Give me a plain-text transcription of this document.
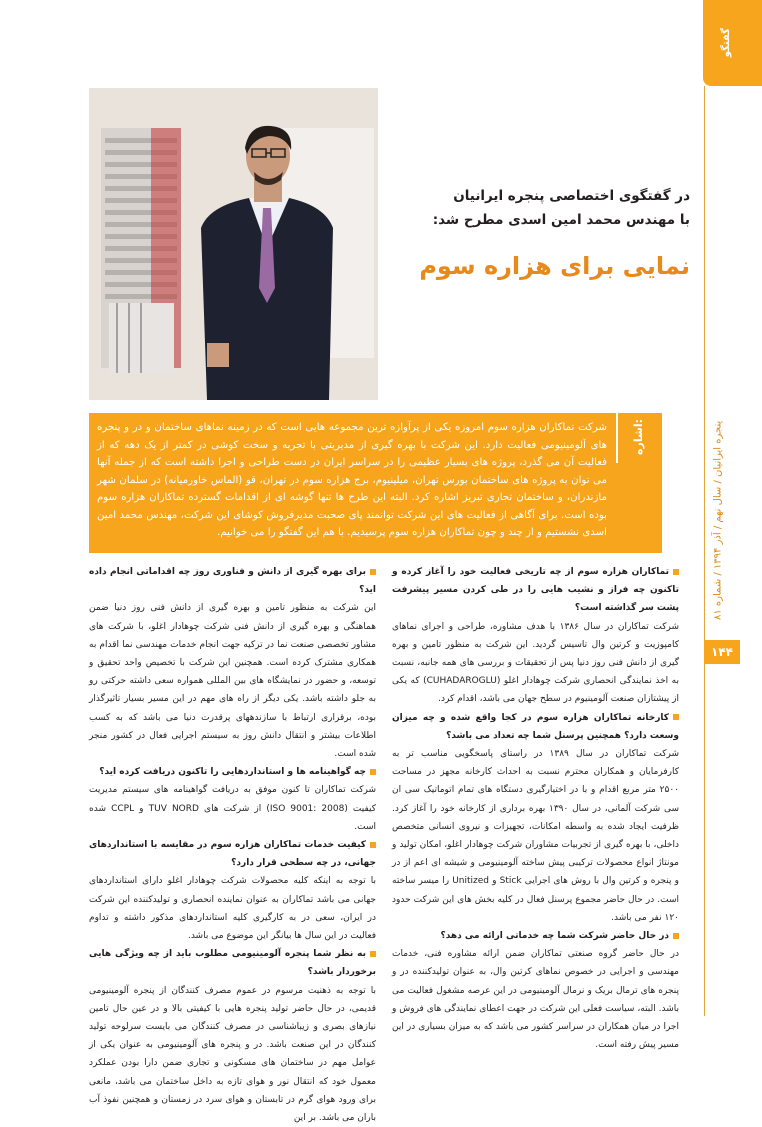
گفتگو
پنجره ایرانیان / سال نهم / آذر ۱۳۹۴ / شماره ۸۱
۱۴۴
در گفتگوی اختصاصی پنجره ایرانیان
با مهندس محمد امین اسدی مطرح شد:
نمایی برای هزاره سوم
شرکت تماکاران هزاره سوم امروزه یکی از پرآوازه ترین مجموعه هایی است که در زمینه نماهای ساختمان و در و پنجره های آلومینیومی فعالیت دارد. این شرکت با بهره گیری از مدیریتی با تجربه و سخت کوشی در کمتر از یک دهه که از فعالیت آن می گذرد، پروژه های بسیار عظیمی را در سراسر ایران در دست طراحی و اجرا داشته است که از جمله آنها می توان به پروژه های ساختمان بورس تهران، میلینیوم، برج هزاره سوم در تهران، قو (الماس خاورمیانه) در سلمان شهر مازندران، و ساختمان تجاری تبریز اشاره کرد. البته این طرح ها تنها گوشه ای از اقدامات گسترده تماکاران هزاره سوم بوده است. برای آگاهی از فعالیت های این شرکت توانمند پای صحبت مدیرفروش کوشای این شرکت، مهندس محمد امین اسدی نشستیم و از چند و چون تماکاران هزاره سوم پرسیدیم. با هم این گفتگو را می خوانیم.
اشاره:

تماکاران هزاره سوم از چه تاریخی فعالیت خود را آغاز کرده و تاکنون چه فراز و نشیب هایی را در طی کردن مسیر پیشرفت پشت سر گذاشته است؟

شرکت تماکاران در سال ۱۳۸۶ با هدف مشاوره، طراحی و اجرای نماهای کامپوزیت و کرتین وال تاسیس گردید. این شرکت به منظور تامین و بهره گیری از دانش فنی روز دنیا پس از تحقیقات و بررسی های همه جانبه، نسبت به اخذ نمایندگی انحصاری شرکت چوهادار اغلو (CUHADAROGLU) که یکی از پیشتازان صنعت آلومینیوم در سطح جهان می باشد، اقدام کرد.

کارخانه تماکاران هزاره سوم در کجا واقع شده و چه میزان وسعت دارد؟ همچنین پرسنل شما چه تعداد می باشد؟

شرکت تماکاران در سال ۱۳۸۹ در راستای پاسخگویی مناسب تر به کارفرمایان و همکاران محترم نسبت به احداث کارخانه مجهز در مساحت ۲۵۰۰ متر مربع اقدام و با در اختیارگیری دستگاه های تمام اتوماتیک سی ان سی شرکت آلمانی، در سال ۱۳۹۰ بهره برداری از کارخانه خود را آغاز کرد. ظرفیت ایجاد شده به واسطه امکانات، تجهیزات و نیروی انسانی متخصص داخلی، با بهره گیری از تجربیات مشاوران شرکت چوهادار اغلو، امکان تولید و مونتاژ انواع محصولات ترکیبی پیش ساخته آلومینیومی و شیشه ای اعم از در و پنجره و کرتین وال با روش های اجرایی Stick و Unitized را میسر ساخته است. در حال حاضر مجموع پرسنل فعال در کلیه بخش های این شرکت حدود ۱۲۰ نفر می باشد.

در حال حاضر شرکت شما چه خدماتی ارائه می دهد؟

در حال حاضر گروه صنعتی تماکاران ضمن ارائه مشاوره فنی، خدمات مهندسی و اجرایی در خصوص نماهای کرتین وال، به عنوان تولیدکننده در و پنجره های ترمال بریک و نرمال آلومینیومی در این عرصه مشغول فعالیت می باشد. البته، سیاست فعلی این شرکت در جهت اعطای نمایندگی های فروش و اجرا در میان همکاران در سراسر کشور می باشد که به میزان بسیاری در این مسیر پیش رفته است.

برای بهره گیری از دانش و فناوری روز چه اقداماتی انجام داده اید؟

این شرکت به منظور تامین و بهره گیری از دانش فنی روز دنیا ضمن هماهنگی و بهره گیری از دانش فنی شرکت چوهادار اغلو، با شرکت های مشاور تخصصی صنعت نما در ترکیه جهت انجام خدمات مهندسی نما اقدام به همکاری مشترک کرده است. همچنین این شرکت با تخصیص واحد تحقیق و توسعه، و حضور در نمایشگاه های بین المللی همواره سعی داشته حرکتی رو به جلو داشته باشد. یکی دیگر از راه های مهم در این مسیر بسیار تاثیرگذار بوده، برقراری ارتباط با سازندههای پرقدرت دنیا می باشد که به کسب اطلاعات بیشتر و انتقال دانش روز به سیستم اجرایی فعال در کشور منجر شده است.

چه گواهینامه ها و استانداردهایی را تاکنون دریافت کرده اید؟

شرکت تماکاران تا کنون موفق به دریافت گواهینامه های سیستم مدیریت کیفیت (ISO 9001: 2008) از شرکت های TUV NORD و CCPL شده است.

کیفیت خدمات تماکاران هزاره سوم در مقایسه با استانداردهای جهانی، در چه سطحی قرار دارد؟

با توجه به اینکه کلیه محصولات شرکت چوهادار اغلو دارای استانداردهای جهانی می باشد تماکاران به عنوان نماینده انحصاری و تولیدکننده این شرکت در ایران، سعی در به کارگیری کلیه استانداردهای مذکور داشته و تداوم فعالیت در این سال ها بیانگر این موضوع می باشد.

به نظر شما پنجره آلومینیومی مطلوب باید از چه ویژگی هایی برخوردار باشد؟

با توجه به ذهنیت مرسوم در عموم مصرف کنندگان از پنجره آلومینیومی قدیمی، در حال حاضر تولید پنجره هایی با کیفیتی بالا و در عین حال تامین نیازهای بصری و زیباشناسی در مصرف کنندگان می بایست سرلوحه تولید کنندگان در این صنعت باشد. در و پنجره های آلومینیومی به عنوان یکی از عوامل مهم در ساختمان های مسکونی و تجاری ضمن دارا بودن عملکرد معمول خود که انتقال نور و هوای تازه به داخل ساختمان می باشد، مانعی برای ورود هوای گرم در تابستان و هوای سرد در زمستان و همچنین نفوذ آب باران می باشد. بر این
